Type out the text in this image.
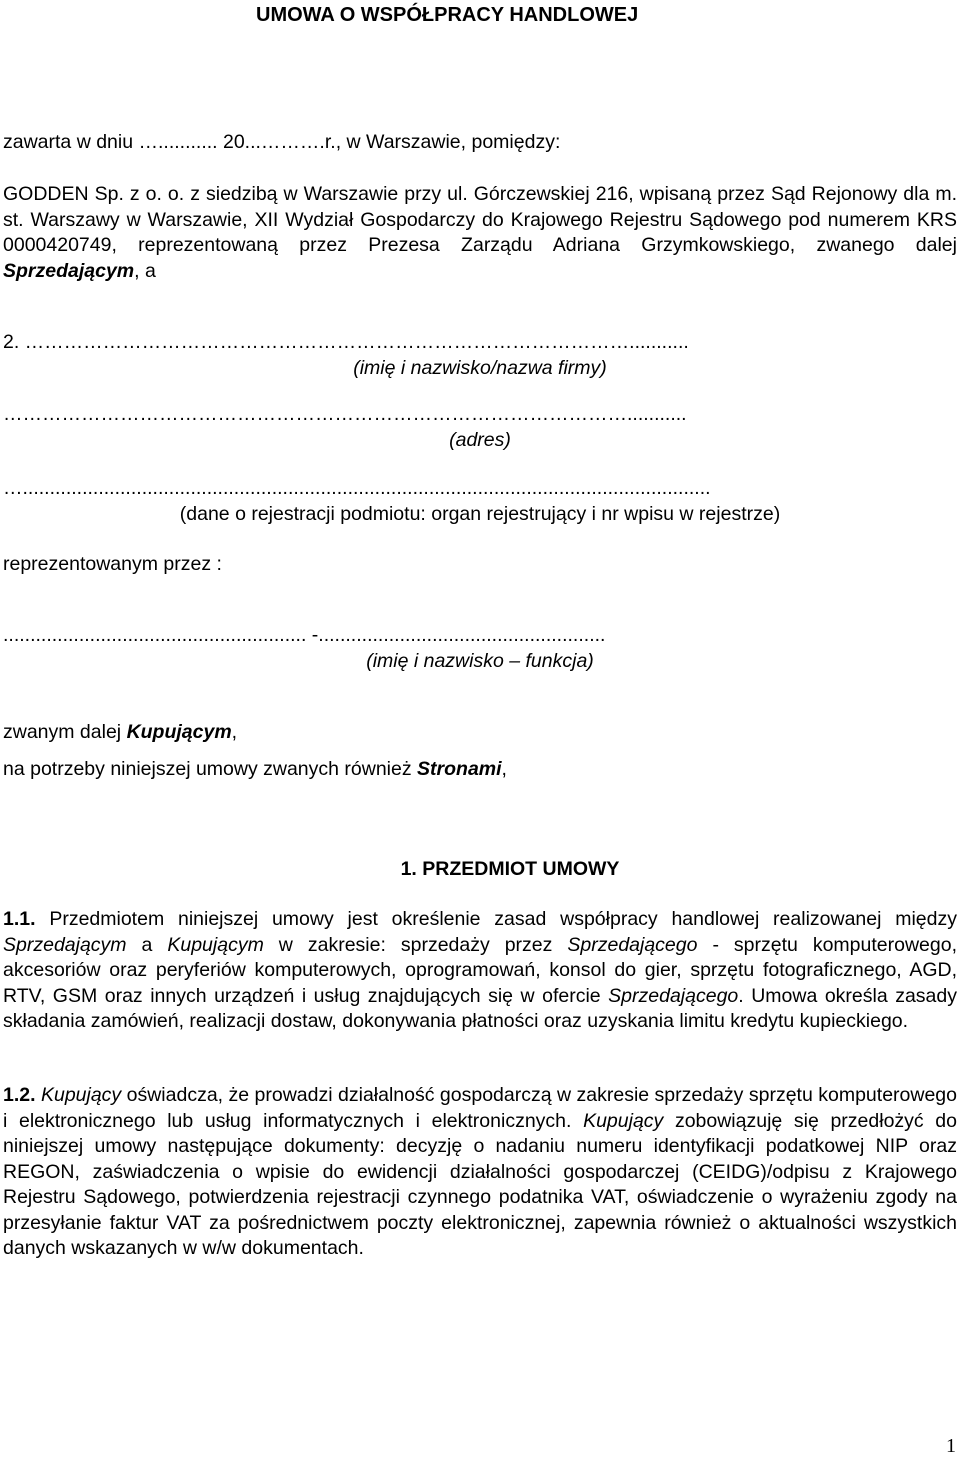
UMOWA O WSPÓŁPRACY HANDLOWEJ
zawarta w dniu …........... 20...……….r., w Warszawie, pomiędzy:
GODDEN Sp. z o. o. z siedzibą w Warszawie przy ul. Górczewskiej 216, wpisaną przez Sąd Rejonowy dla m. st. Warszawy w Warszawie, XII Wydział Gospodarczy do Krajowego Rejestru Sądowego pod numerem KRS 0000420749, reprezentowaną przez Prezesa Zarządu Adriana Grzymkowskiego, zwanego dalej Sprzedającym, a
2. …………………………………………………………………………………...........
(imię i nazwisko/nazwa firmy)
……………………………………………………………………………………...........
(adres)
…...............................................................................................................................
(dane o rejestracji podmiotu: organ rejestrujący i nr wpisu w rejestrze)
reprezentowanym przez :
........................................................ -.....................................................
(imię i nazwisko – funkcja)
zwanym dalej Kupującym,
na potrzeby niniejszej umowy zwanych również Stronami,
1. PRZEDMIOT UMOWY
1.1. Przedmiotem niniejszej umowy jest określenie zasad współpracy handlowej realizowanej między Sprzedającym a Kupującym w zakresie: sprzedaży przez Sprzedającego - sprzętu komputerowego, akcesoriów oraz peryferiów komputerowych, oprogramowań, konsol do gier, sprzętu fotograficznego, AGD, RTV, GSM oraz innych urządzeń i usług znajdujących się w ofercie Sprzedającego. Umowa określa zasady składania zamówień, realizacji dostaw, dokonywania płatności oraz uzyskania limitu kredytu kupieckiego.
1.2. Kupujący oświadcza, że prowadzi działalność gospodarczą w zakresie sprzedaży sprzętu komputerowego i elektronicznego lub usług informatycznych i elektronicznych. Kupujący zobowiązuję się przedłożyć do niniejszej umowy następujące dokumenty: decyzję o nadaniu numeru identyfikacji podatkowej NIP oraz REGON, zaświadczenia o wpisie do ewidencji działalności gospodarczej (CEIDG)/odpisu z Krajowego Rejestru Sądowego, potwierdzenia rejestracji czynnego podatnika VAT, oświadczenie o wyrażeniu zgody na przesyłanie faktur VAT za pośrednictwem poczty elektronicznej, zapewnia również o aktualności wszystkich danych wskazanych w w/w dokumentach.
1
